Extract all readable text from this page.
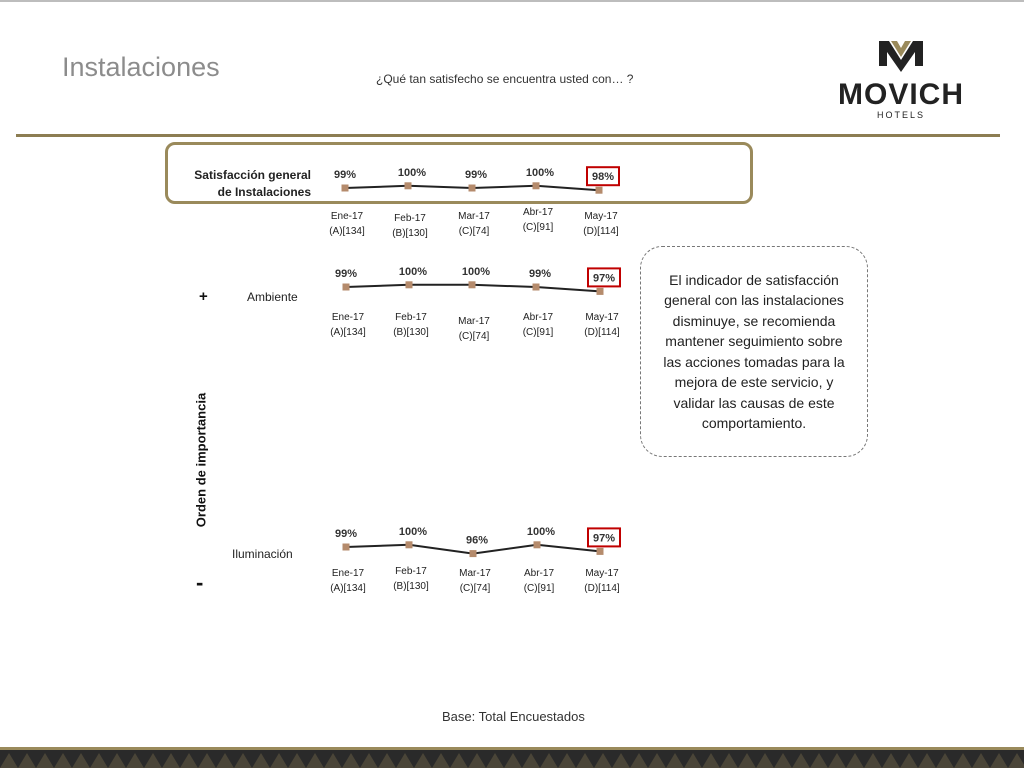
Instalaciones	¿Qué tan satisfecho se encuentra usted con… ?	MOVICH
HOTELS
Satisfacción general
de Instalaciones
Ambiente
Iluminación
+
-
Orden de importancia
99%
Ene-17
(A)[134]
100%
Feb-17
(B)[130]
99%
Mar-17
(C)[74]
100%
Abr-17
(C)[91]
98%
May-17
(D)[114]
99%
Ene-17
(A)[134]
100%
Feb-17
(B)[130]
100%
Mar-17
(C)[74]
99%
Abr-17
(C)[91]
97%
May-17
(D)[114]
99%
Ene-17
(A)[134]
100%
Feb-17
(B)[130]
96%
Mar-17
(C)[74]
100%
Abr-17
(C)[91]
97%
May-17
(D)[114]
El indicador de satisfacción general con las instalaciones disminuye, se recomienda mantener seguimiento sobre las acciones tomadas para la mejora de este servicio, y validar las causas de este comportamiento.
Base: Total Encuestados
